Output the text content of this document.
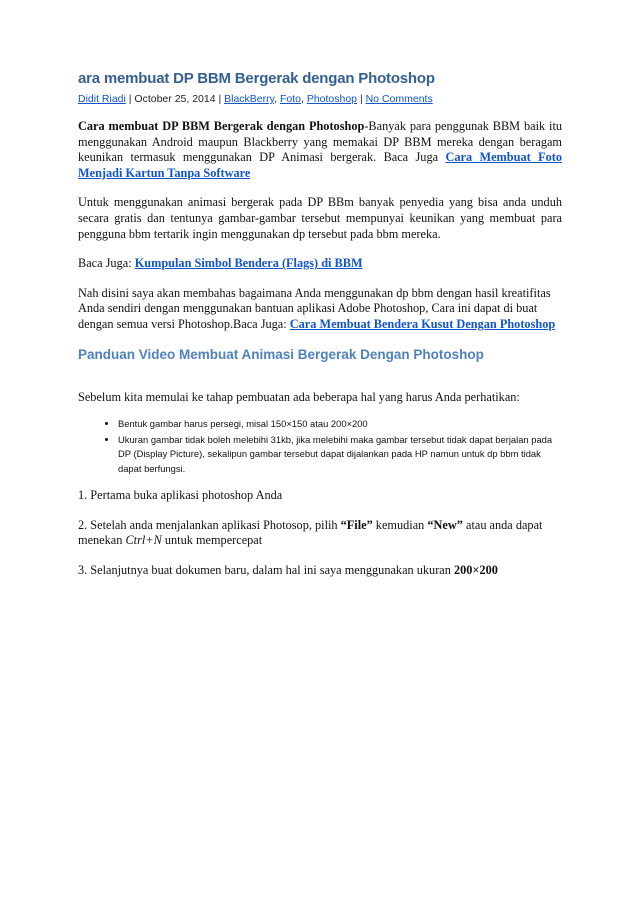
ara membuat DP BBM Bergerak dengan Photoshop
Didit Riadi | October 25, 2014 | BlackBerry, Foto, Photoshop | No Comments

Cara membuat DP BBM Bergerak dengan Photoshop-Banyak para penggunak BBM baik itu menggunakan Android maupun Blackberry yang memakai DP BBM mereka dengan beragam keunikan termasuk menggunakan DP Animasi bergerak. Baca Juga Cara Membuat Foto Menjadi Kartun Tanpa Software

Untuk menggunakan animasi bergerak pada DP BBm banyak penyedia yang bisa anda unduh secara gratis dan tentunya gambar-gambar tersebut mempunyai keunikan yang membuat para pengguna bbm tertarik ingin menggunakan dp tersebut pada bbm mereka.

Baca Juga: Kumpulan Simbol Bendera (Flags) di BBM

Nah disini saya akan membahas bagaimana Anda menggunakan dp bbm dengan hasil kreatifitas Anda sendiri dengan menggunakan bantuan aplikasi Adobe Photoshop, Cara ini dapat di buat dengan semua versi Photoshop.Baca Juga: Cara Membuat Bendera Kusut Dengan Photoshop

Panduan Video Membuat Animasi Bergerak Dengan Photoshop

Sebelum kita memulai ke tahap pembuatan ada beberapa hal yang harus Anda perhatikan:

• Bentuk gambar harus persegi, misal 150×150 atau 200×200
• Ukuran gambar tidak boleh melebihi 31kb, jika melebihi maka gambar tersebut tidak dapat berjalan pada DP (Display Picture), sekalipun gambar tersebut dapat dijalankan pada HP namun untuk dp bbm tidak dapat berfungsi.

1. Pertama buka aplikasi photoshop Anda

2. Setelah anda menjalankan aplikasi Photosop, pilih “File” kemudian “New” atau anda dapat menekan Ctrl+N untuk mempercepat

3. Selanjutnya buat dokumen baru, dalam hal ini saya menggunakan ukuran 200×200
